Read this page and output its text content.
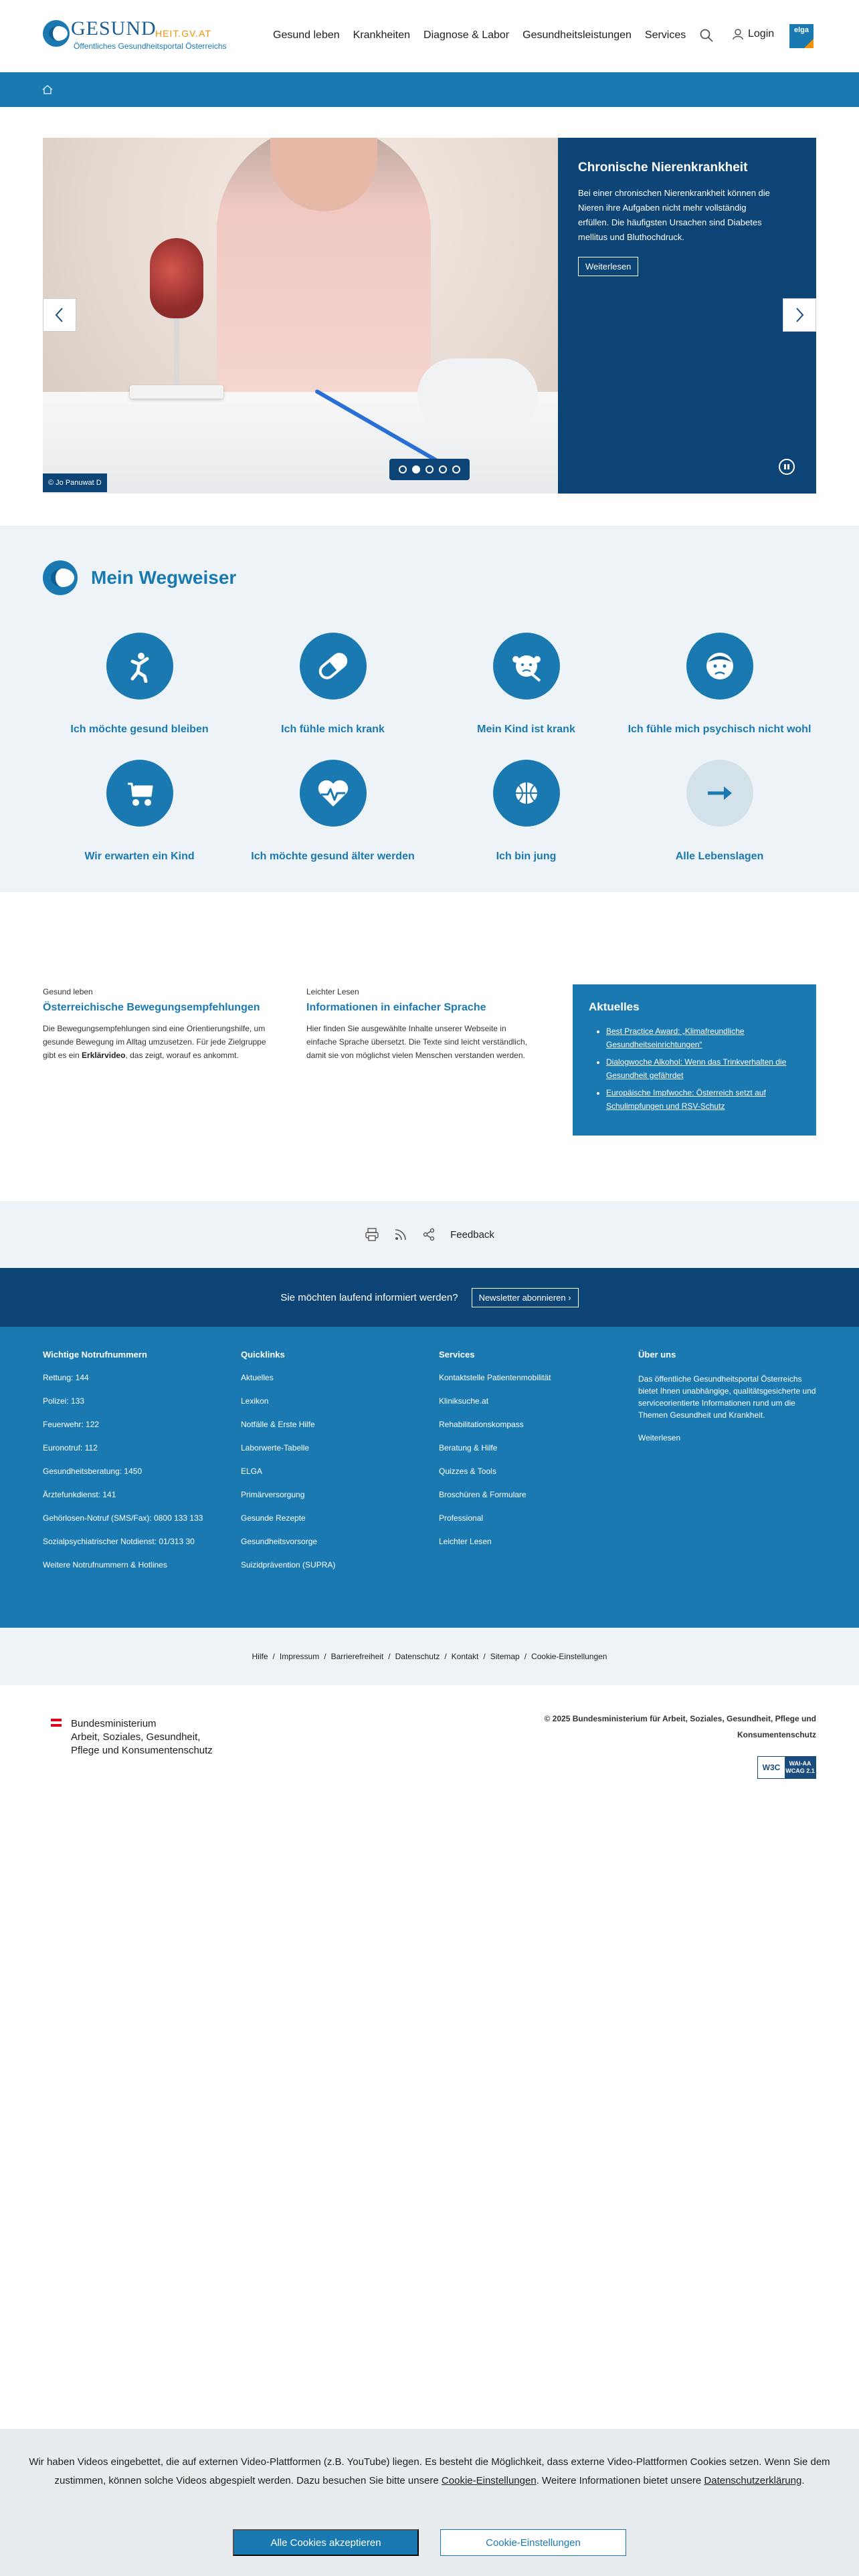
GESUND
HEIT.GV.AT
Öffentliches Gesundheitsportal Österreichs
Gesund leben	Krankheiten	Diagnose & Labor	Gesundheitsleistungen	Services	Login	elga
© Jo Panuwat D
Chronische Nierenkrankheit
Bei einer chronischen Nierenkrankheit können die Nieren ihre Aufgaben nicht mehr vollständig erfüllen. Die häufigsten Ursachen sind Diabetes mellitus und Bluthochdruck.
Weiterlesen
Mein Wegweiser
Ich möchte gesund bleiben	Ich fühle mich krank	Mein Kind ist krank	Ich fühle mich psychisch nicht wohl
Wir erwarten ein Kind	Ich möchte gesund älter werden	Ich bin jung	Alle Lebenslagen
Gesund leben
Österreichische Bewegungsempfehlungen
Die Bewegungsempfehlungen sind eine Orientierungshilfe, um gesunde Bewegung im Alltag umzusetzen. Für jede Zielgruppe gibt es ein Erklärvideo, das zeigt, worauf es ankommt.
Leichter Lesen
Informationen in einfacher Sprache
Hier finden Sie ausgewählte Inhalte unserer Webseite in einfache Sprache übersetzt. Die Texte sind leicht verständlich, damit sie von möglichst vielen Menschen verstanden werden.
Aktuelles
• Best Practice Award: „Klimafreundliche Gesundheitseinrichtungen“
• Dialogwoche Alkohol: Wenn das Trinkverhalten die Gesundheit gefährdet
• Europäische Impfwoche: Österreich setzt auf Schulimpfungen und RSV-Schutz
Feedback
Sie möchten laufend informiert werden?	Newsletter abonnieren ›
Wichtige Notrufnummern
Rettung: 144
Polizei: 133
Feuerwehr: 122
Euronotruf: 112
Gesundheitsberatung: 1450
Ärztefunkdienst: 141
Gehörlosen-Notruf (SMS/Fax): 0800 133 133
Sozialpsychiatrischer Notdienst: 01/313 30
Weitere Notrufnummern & Hotlines
Quicklinks
Aktuelles
Lexikon
Notfälle & Erste Hilfe
Laborwerte-Tabelle
ELGA
Primärversorgung
Gesunde Rezepte
Gesundheitsvorsorge
Suizidprävention (SUPRA)
Services
Kontaktstelle Patientenmobilität
Kliniksuche.at
Rehabilitationskompass
Beratung & Hilfe
Quizzes & Tools
Broschüren & Formulare
Professional
Leichter Lesen
Über uns
Das öffentliche Gesundheitsportal Österreichs bietet Ihnen unabhängige, qualitätsgesicherte und serviceorientierte Informationen rund um die Themen Gesundheit und Krankheit.
Weiterlesen
Hilfe / Impressum / Barrierefreiheit / Datenschutz / Kontakt / Sitemap / Cookie-Einstellungen
Bundesministerium
Arbeit, Soziales, Gesundheit,
Pflege und Konsumentenschutz
© 2025 Bundesministerium für Arbeit, Soziales, Gesundheit, Pflege und Konsumentenschutz
W3C	WAI-AA
WCAG 2.1

Wir haben Videos eingebettet, die auf externen Video-Plattformen (z.B. YouTube) liegen. Es besteht die Möglichkeit, dass externe Video-Plattformen Cookies setzen. Wenn Sie dem zustimmen, können solche Videos abgespielt werden. Dazu besuchen Sie bitte unsere Cookie-Einstellungen. Weitere Informationen bietet unsere Datenschutzerklärung.

Alle Cookies akzeptieren	Cookie-Einstellungen
